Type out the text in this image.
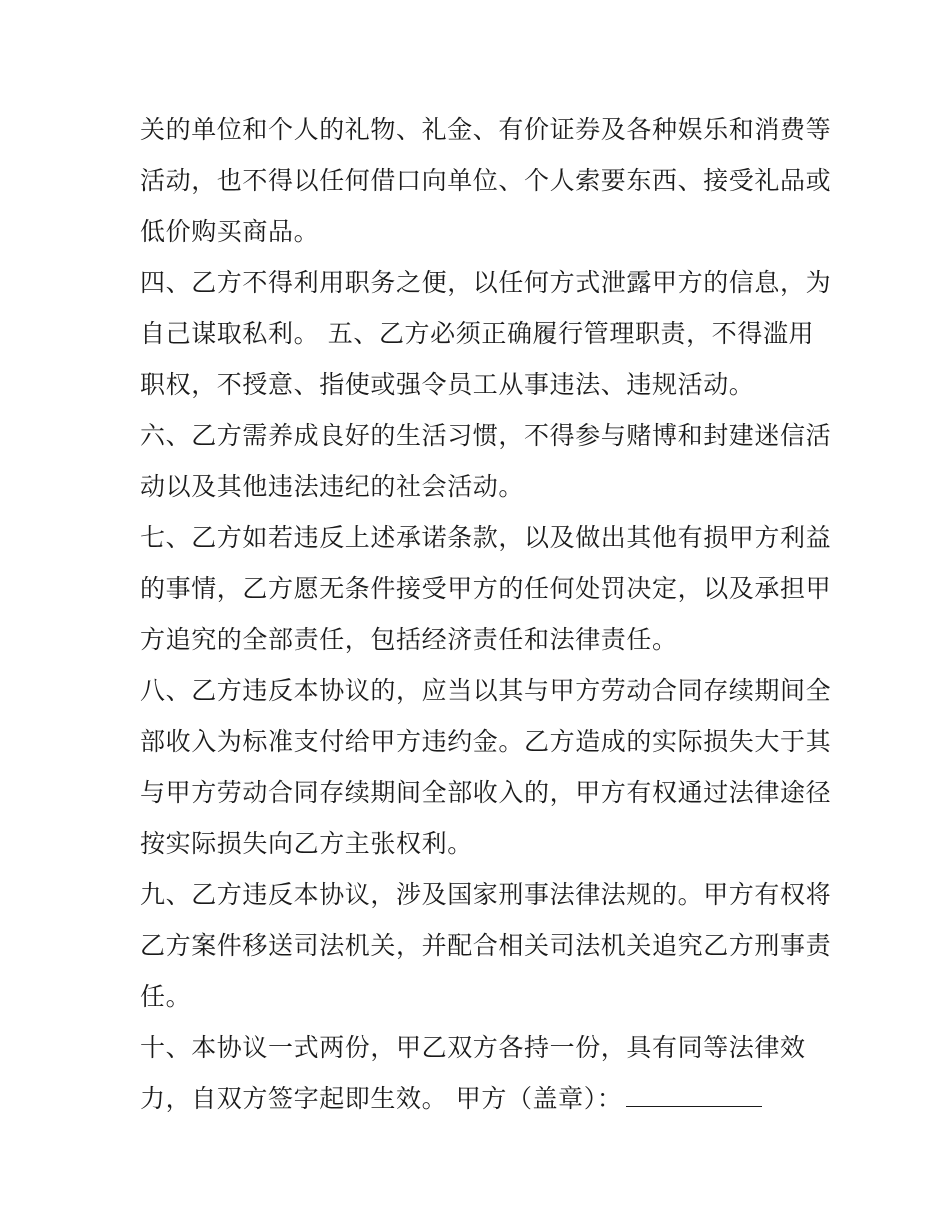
关的单位和个人的礼物、礼金、有价证券及各种娱乐和消费等
活动，也不得以任何借口向单位、个人索要东西、接受礼品或
低价购买商品。
四、乙方不得利用职务之便，以任何方式泄露甲方的信息，为
自己谋取私利。 五、乙方必须正确履行管理职责，不得滥用
职权，不授意、指使或强令员工从事违法、违规活动。
六、乙方需养成良好的生活习惯，不得参与赌博和封建迷信活
动以及其他违法违纪的社会活动。
七、乙方如若违反上述承诺条款，以及做出其他有损甲方利益
的事情，乙方愿无条件接受甲方的任何处罚决定，以及承担甲
方追究的全部责任，包括经济责任和法律责任。
八、乙方违反本协议的，应当以其与甲方劳动合同存续期间全
部收入为标准支付给甲方违约金。乙方造成的实际损失大于其
与甲方劳动合同存续期间全部收入的，甲方有权通过法律途径
按实际损失向乙方主张权利。
九、乙方违反本协议，涉及国家刑事法律法规的。甲方有权将
乙方案件移送司法机关，并配合相关司法机关追究乙方刑事责
任。
十、本协议一式两份，甲乙双方各持一份，具有同等法律效
力，自双方签字起即生效。 甲方（盖章）：
